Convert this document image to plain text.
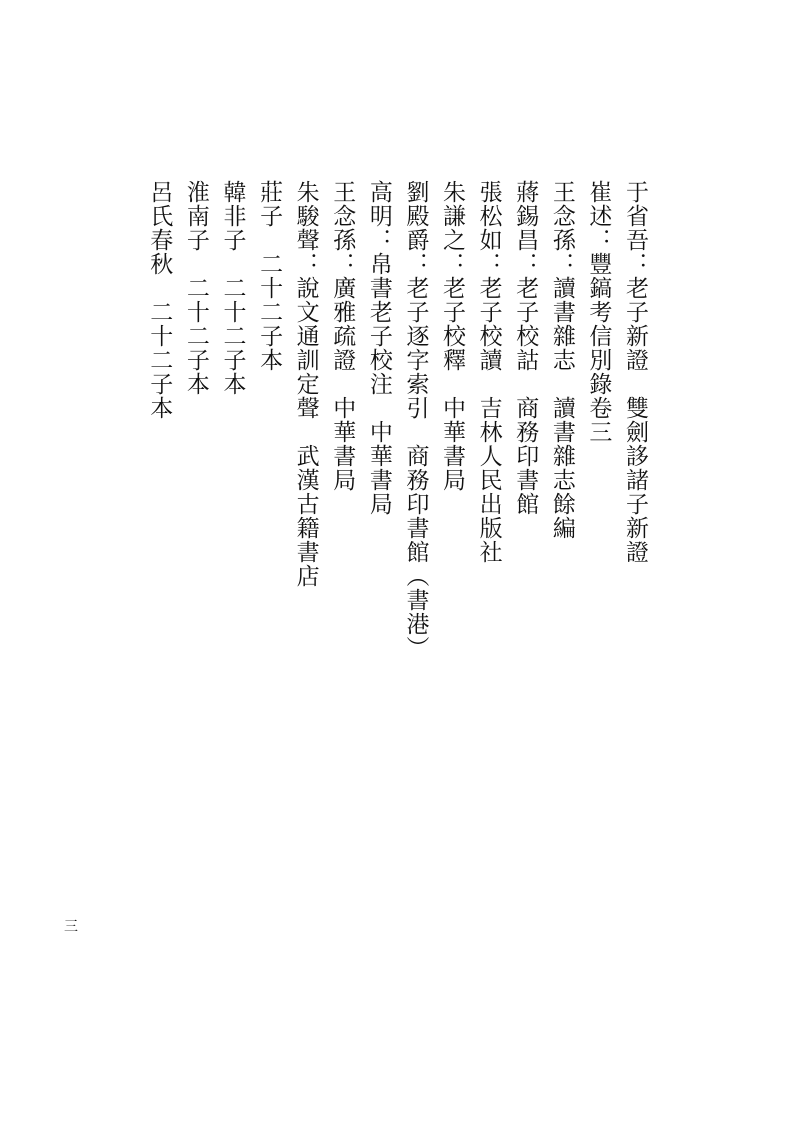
于省吾：老子新證　雙劍誃諸子新證

崔述：豐鎬考信別錄卷三

王念孫：讀書雜志　讀書雜志餘編

蔣錫昌：老子校詁　商務印書館

張松如：老子校讀　吉林人民出版社

朱謙之：老子校釋　中華書局

劉殿爵：老子逐字索引　商務印書館（書港）

高明：帛書老子校注　中華書局

王念孫：廣雅疏證　中華書局

朱駿聲：說文通訓定聲　武漢古籍書店

莊子　二十二子本

韓非子　二十二子本

淮南子　二十二子本

呂氏春秋　二十二子本

三
